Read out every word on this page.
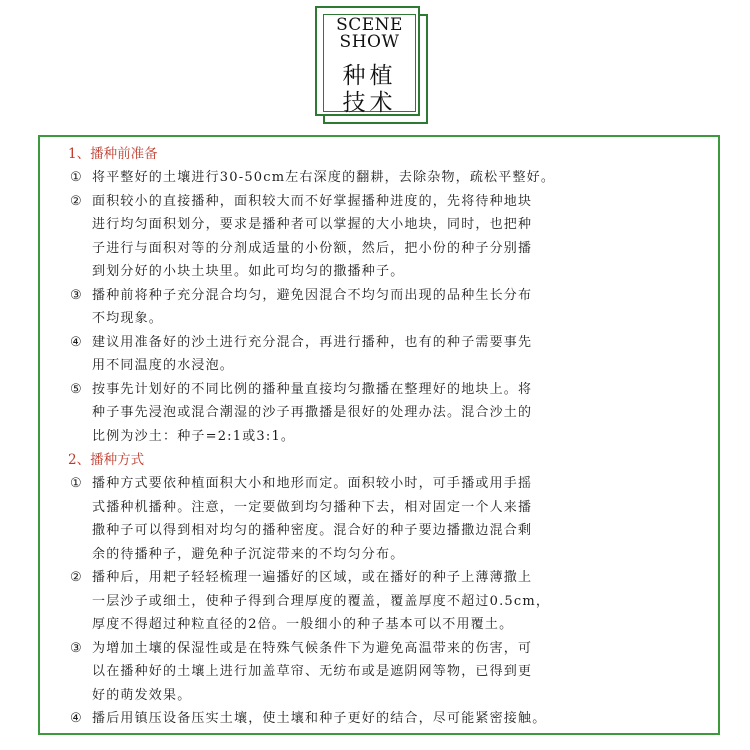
SCENE
SHOW
种植
技术
1、播种前准备
① 将平整好的土壤进行30-50cm左右深度的翻耕，去除杂物，疏松平整好。
② 面积较小的直接播种，面积较大而不好掌握播种进度的，先将待种地块
进行均匀面积划分，要求是播种者可以掌握的大小地块，同时，也把种
子进行与面积对等的分剂成适量的小份额，然后，把小份的种子分别播
到划分好的小块土块里。如此可均匀的撒播种子。
③ 播种前将种子充分混合均匀，避免因混合不均匀而出现的品种生长分布
不均现象。
④ 建议用准备好的沙土进行充分混合，再进行播种，也有的种子需要事先
用不同温度的水浸泡。
⑤ 按事先计划好的不同比例的播种量直接均匀撒播在整理好的地块上。将
种子事先浸泡或混合潮湿的沙子再撒播是很好的处理办法。混合沙土的
比例为沙土：种子=2:1或3:1。
2、播种方式
① 播种方式要依种植面积大小和地形而定。面积较小时，可手播或用手摇
式播种机播种。注意，一定要做到均匀播种下去，相对固定一个人来播
撒种子可以得到相对均匀的播种密度。混合好的种子要边播撒边混合剩
余的待播种子，避免种子沉淀带来的不均匀分布。
② 播种后，用耙子轻轻梳理一遍播好的区域，或在播好的种子上薄薄撒上
一层沙子或细土，使种子得到合理厚度的覆盖，覆盖厚度不超过0.5cm，
厚度不得超过种粒直径的2倍。一般细小的种子基本可以不用覆土。
③ 为增加土壤的保湿性或是在特殊气候条件下为避免高温带来的伤害，可
以在播种好的土壤上进行加盖草帘、无纺布或是遮阴网等物，已得到更
好的萌发效果。
④ 播后用镇压设备压实土壤，使土壤和种子更好的结合，尽可能紧密接触。
